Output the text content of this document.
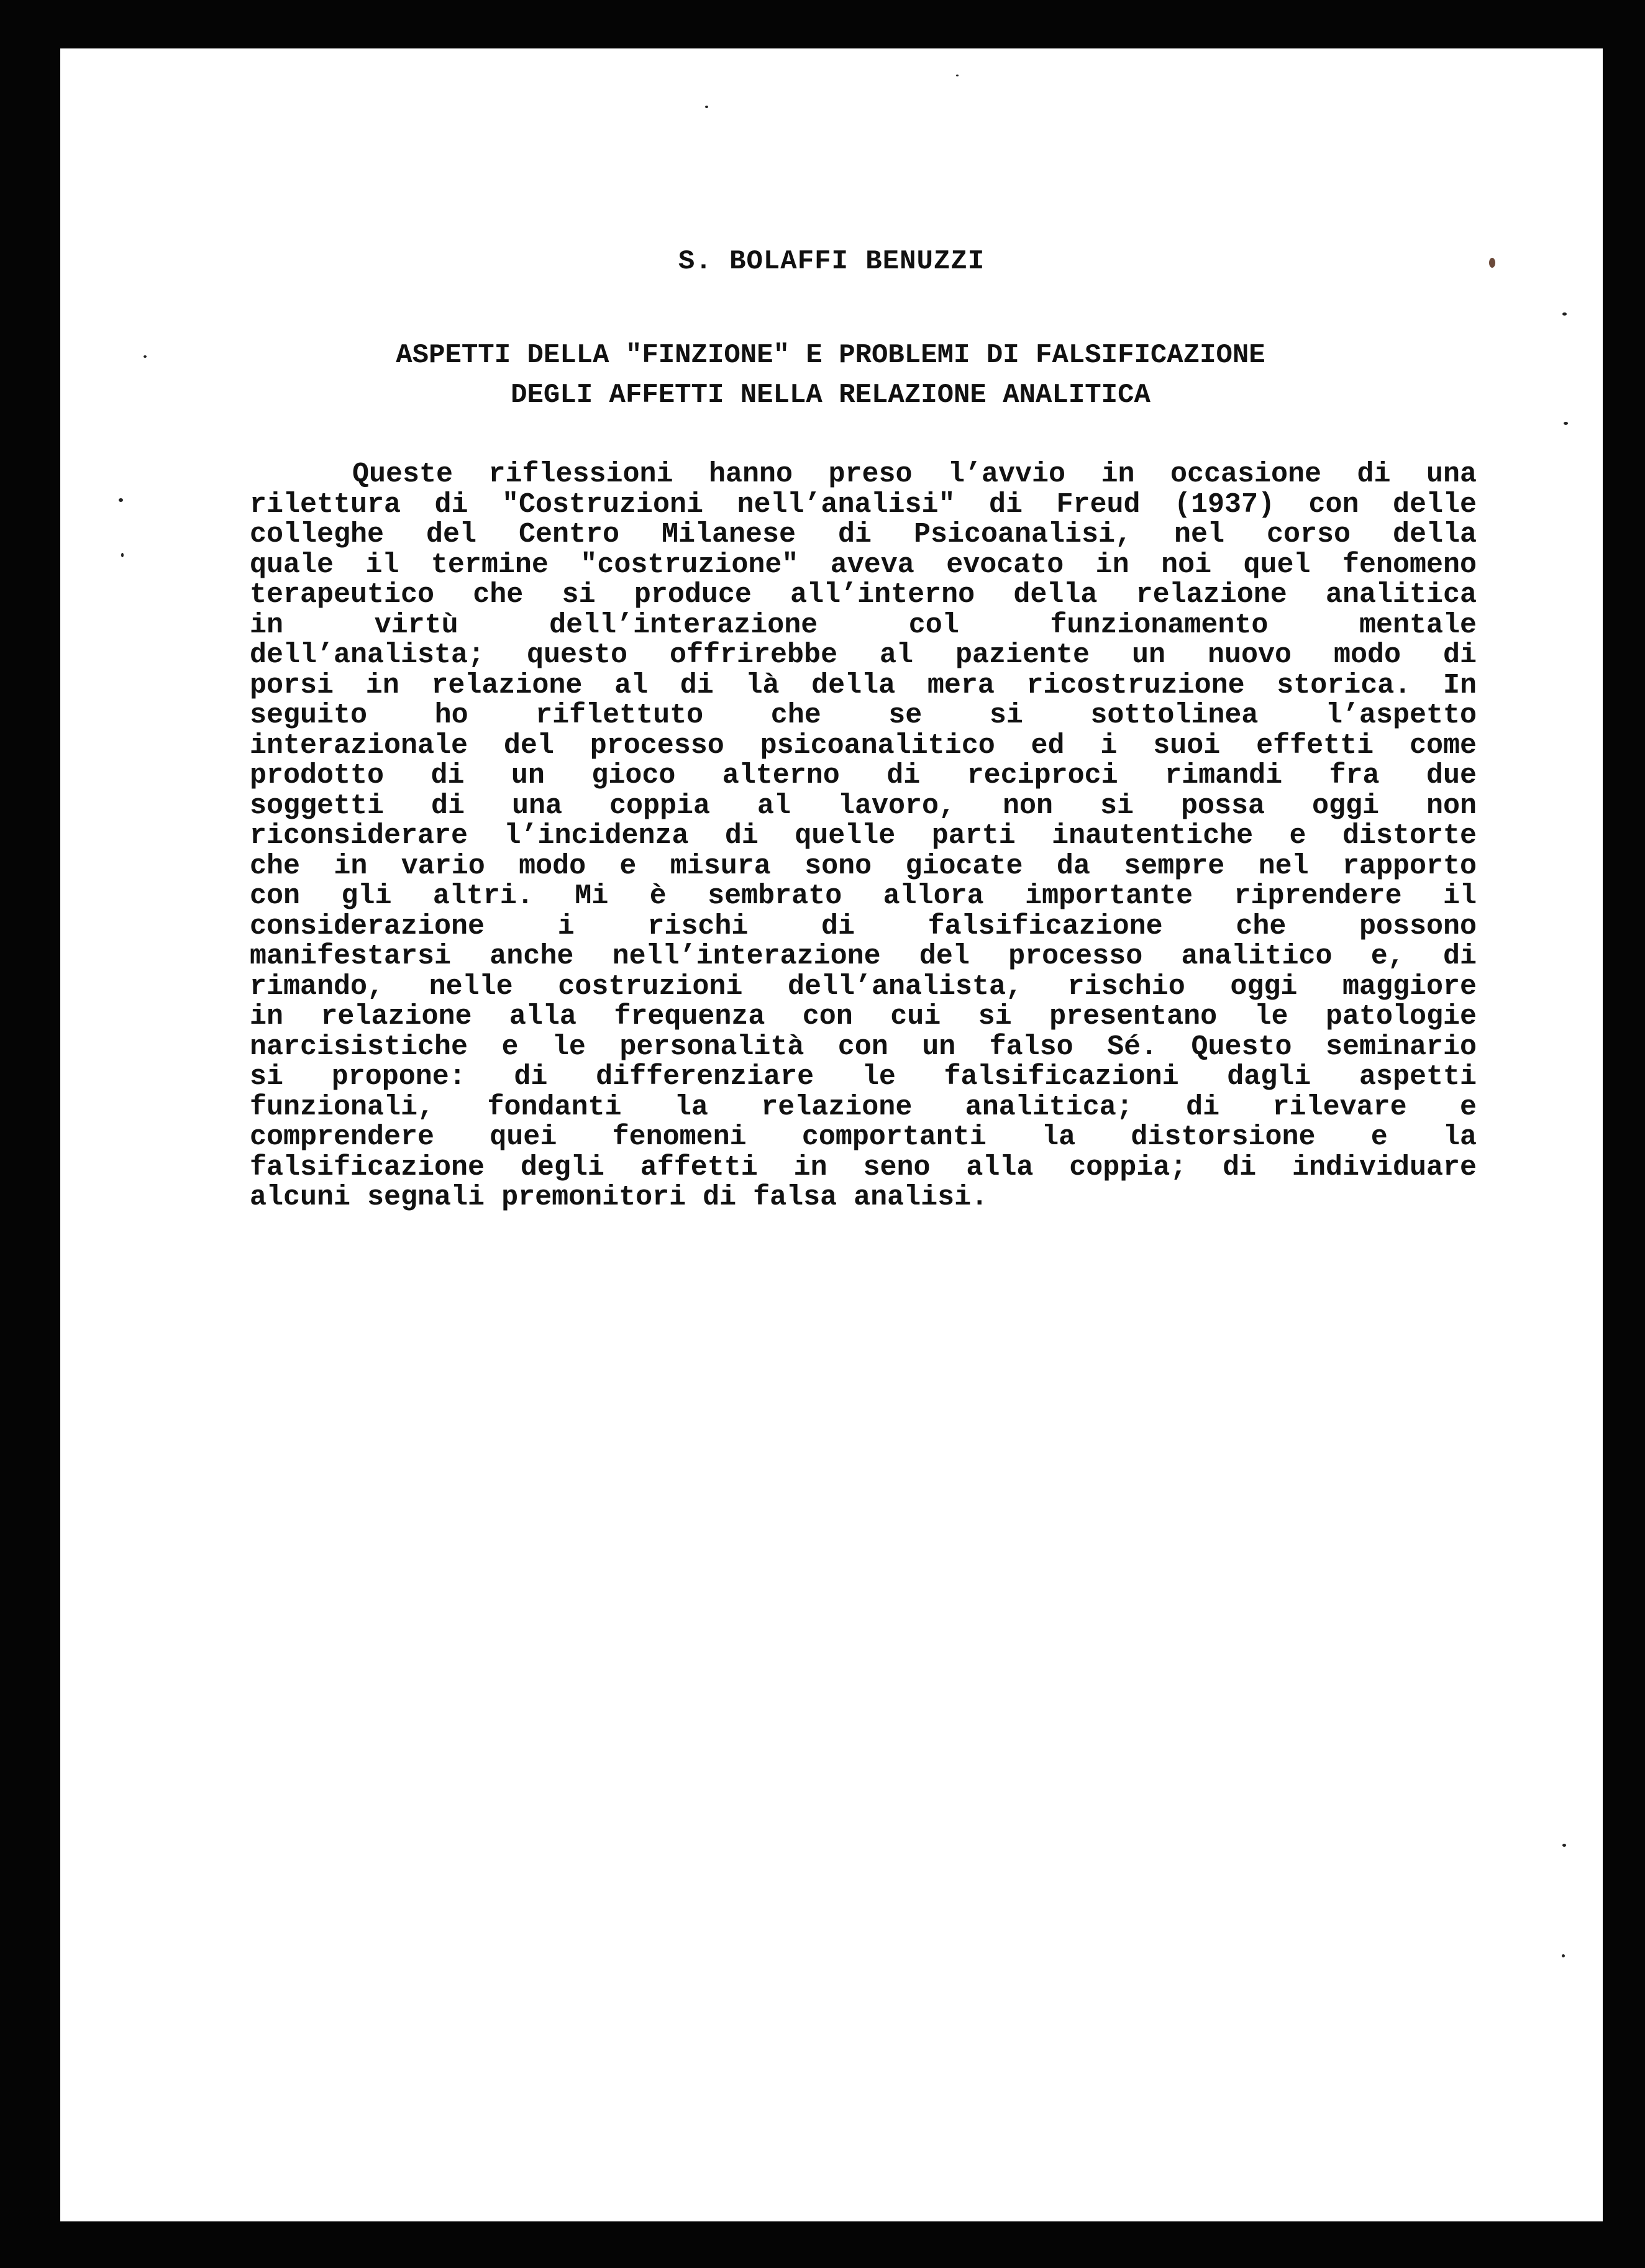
S. BOLAFFI BENUZZI
ASPETTI DELLA "FINZIONE" E PROBLEMI DI FALSIFICAZIONE
DEGLI AFFETTI NELLA RELAZIONE ANALITICA
Queste riflessioni hanno preso l’avvio in occasione di una
rilettura di "Costruzioni nell’analisi" di Freud (1937) con delle
colleghe del Centro Milanese di Psicoanalisi, nel corso della
quale il termine "costruzione" aveva evocato in noi quel fenomeno
terapeutico che si produce all’interno della relazione analitica
in virtù dell’interazione col funzionamento mentale
dell’analista; questo offrirebbe al paziente un nuovo modo di
porsi in relazione al di là della mera ricostruzione storica. In
seguito ho riflettuto che se si sottolinea l’aspetto
interazionale del processo psicoanalitico ed i suoi effetti come
prodotto di un gioco alterno di reciproci rimandi fra due
soggetti di una coppia al lavoro, non si possa oggi non
riconsiderare l’incidenza di quelle parti inautentiche e distorte
che in vario modo e misura sono giocate da sempre nel rapporto
con gli altri. Mi è sembrato allora importante riprendere il
considerazione i rischi di falsificazione che possono
manifestarsi anche nell’interazione del processo analitico e, di
rimando, nelle costruzioni dell’analista, rischio oggi maggiore
in relazione alla frequenza con cui si presentano le patologie
narcisistiche e le personalità con un falso Sé. Questo seminario
si propone: di differenziare le falsificazioni dagli aspetti
funzionali, fondanti la relazione analitica; di rilevare e
comprendere quei fenomeni comportanti la distorsione e la
falsificazione degli affetti in seno alla coppia; di individuare
alcuni segnali premonitori di falsa analisi.
